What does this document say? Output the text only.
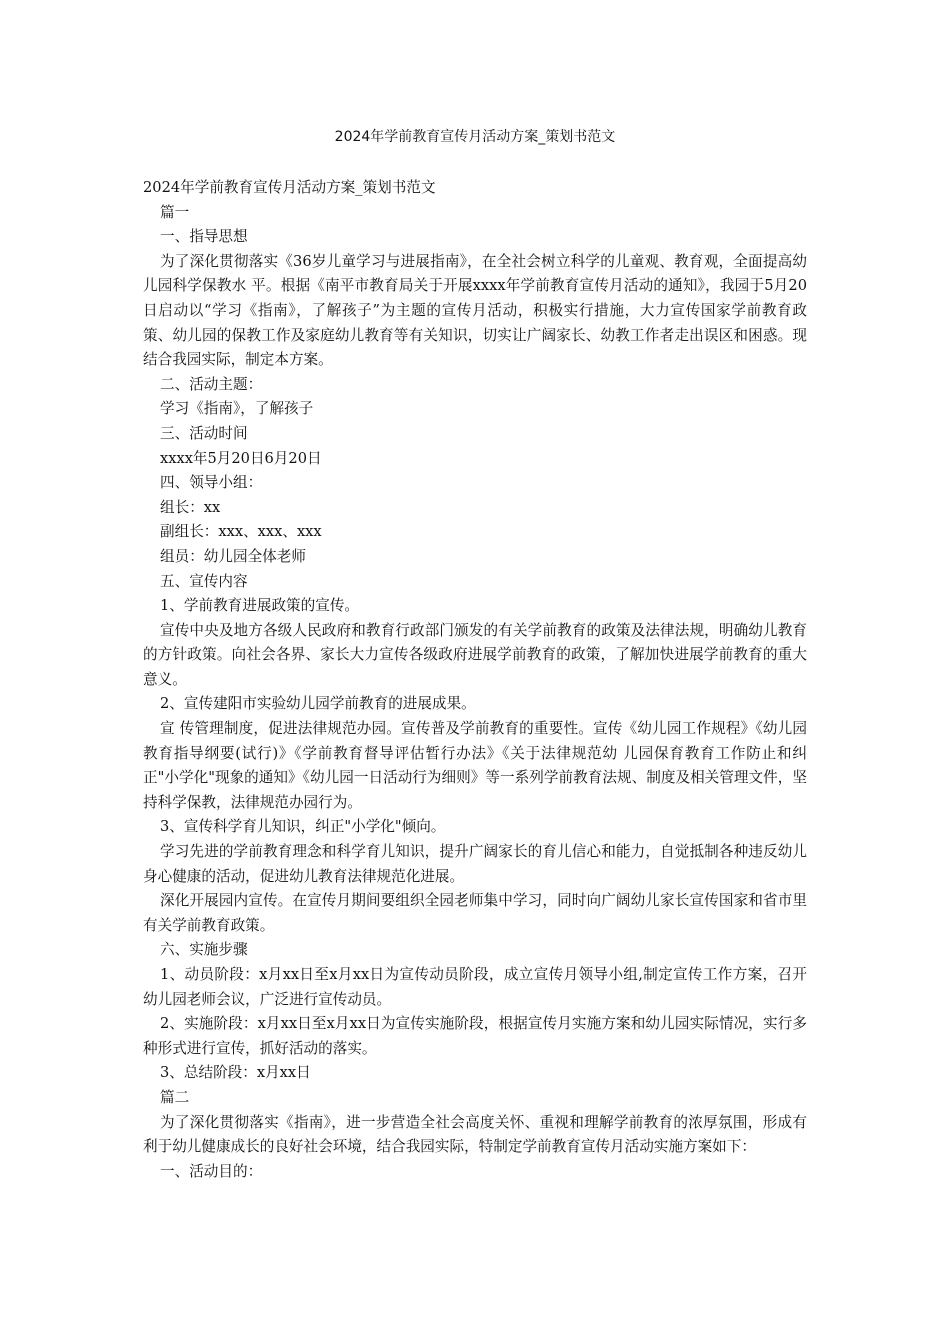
2024年学前教育宣传月活动方案_策划书范文

2024年学前教育宣传月活动方案_策划书范文

篇一

一、指导思想

为了深化贯彻落实《36岁儿童学习与进展指南》，在全社会树立科学的儿童观、教育观，全面提高幼儿园科学保教水 平。根据《南平市教育局关于开展xxxx年学前教育宣传月活动的通知》，我园于5月20日启动以“学习《指南》，了解孩子”为主题的宣传月活动，积极实行措施，大力宣传国家学前教育政策、幼儿园的保教工作及家庭幼儿教育等有关知识，切实让广阔家长、幼教工作者走出误区和困惑。现结合我园实际，制定本方案。

二、活动主题：

学习《指南》，了解孩子

三、活动时间

xxxx年5月20日6月20日

四、领导小组：

组长：xx

副组长：xxx、xxx、xxx

组员：幼儿园全体老师

五、宣传内容

1、学前教育进展政策的宣传。

宣传中央及地方各级人民政府和教育行政部门颁发的有关学前教育的政策及法律法规，明确幼儿教育的方针政策。向社会各界、家长大力宣传各级政府进展学前教育的政策，了解加快进展学前教育的重大意义。

2、宣传建阳市实验幼儿园学前教育的进展成果。

宣 传管理制度，促进法律规范办园。宣传普及学前教育的重要性。宣传《幼儿园工作规程》《幼儿园教育指导纲要(试行)》《学前教育督导评估暂行办法》《关于法律规范幼 儿园保育教育工作防止和纠正"小学化"现象的通知》《幼儿园一日活动行为细则》等一系列学前教育法规、制度及相关管理文件，坚持科学保教，法律规范办园行为。

3、宣传科学育儿知识，纠正"小学化"倾向。

学习先进的学前教育理念和科学育儿知识，提升广阔家长的育儿信心和能力，自觉抵制各种违反幼儿身心健康的活动，促进幼儿教育法律规范化进展。

深化开展园内宣传。在宣传月期间要组织全园老师集中学习，同时向广阔幼儿家长宣传国家和省市里有关学前教育政策。

六、实施步骤

1、动员阶段：x月xx日至x月xx日为宣传动员阶段，成立宣传月领导小组,制定宣传工作方案，召开幼儿园老师会议，广泛进行宣传动员。

2、实施阶段：x月xx日至x月xx日为宣传实施阶段，根据宣传月实施方案和幼儿园实际情况，实行多种形式进行宣传，抓好活动的落实。

3、总结阶段：x月xx日

篇二

为了深化贯彻落实《指南》，进一步营造全社会高度关怀、重视和理解学前教育的浓厚氛围，形成有利于幼儿健康成长的良好社会环境，结合我园实际，特制定学前教育宣传月活动实施方案如下：

一、活动目的：
